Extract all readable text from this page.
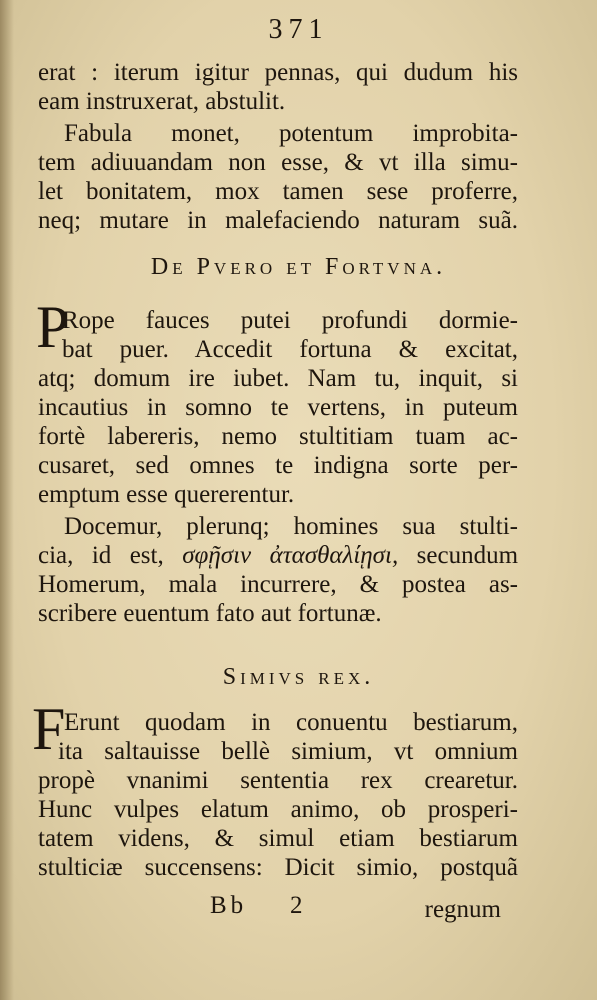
371
erat : iterum igitur pennas, qui dudum his
eam instruxerat, abstulit.
Fabula monet, potentum improbita-
tem adiuuandam non esse, & vt illa simu-
let bonitatem, mox tamen sese proferre,
neq; mutare in malefaciendo naturam suã.
De Pvero et Fortvna.
P
Rope fauces putei profundi dormie-
bat puer. Accedit fortuna & excitat,
atq; domum ire iubet. Nam tu, inquit, si
incautius in somno te vertens, in puteum
fortè labereris, nemo stultitiam tuam ac-
cusaret, sed omnes te indigna sorte per-
emptum esse quererentur.
Docemur, plerunq; homines sua stulti-
cia, id est, σφῇσιν ἀτασθαλίῃσι, secundum
Homerum, mala incurrere, & postea as-
scribere euentum fato aut fortunæ.
Simivs rex.
F
Erunt quodam in conuentu bestiarum,
ita saltauisse bellè simium, vt omnium
propè vnanimi sententia rex crearetur.
Hunc vulpes elatum animo, ob prosperi-
tatem videns, & simul etiam bestiarum
stulticiæ succensens: Dicit simio, postquã
Bb 2	regnum
